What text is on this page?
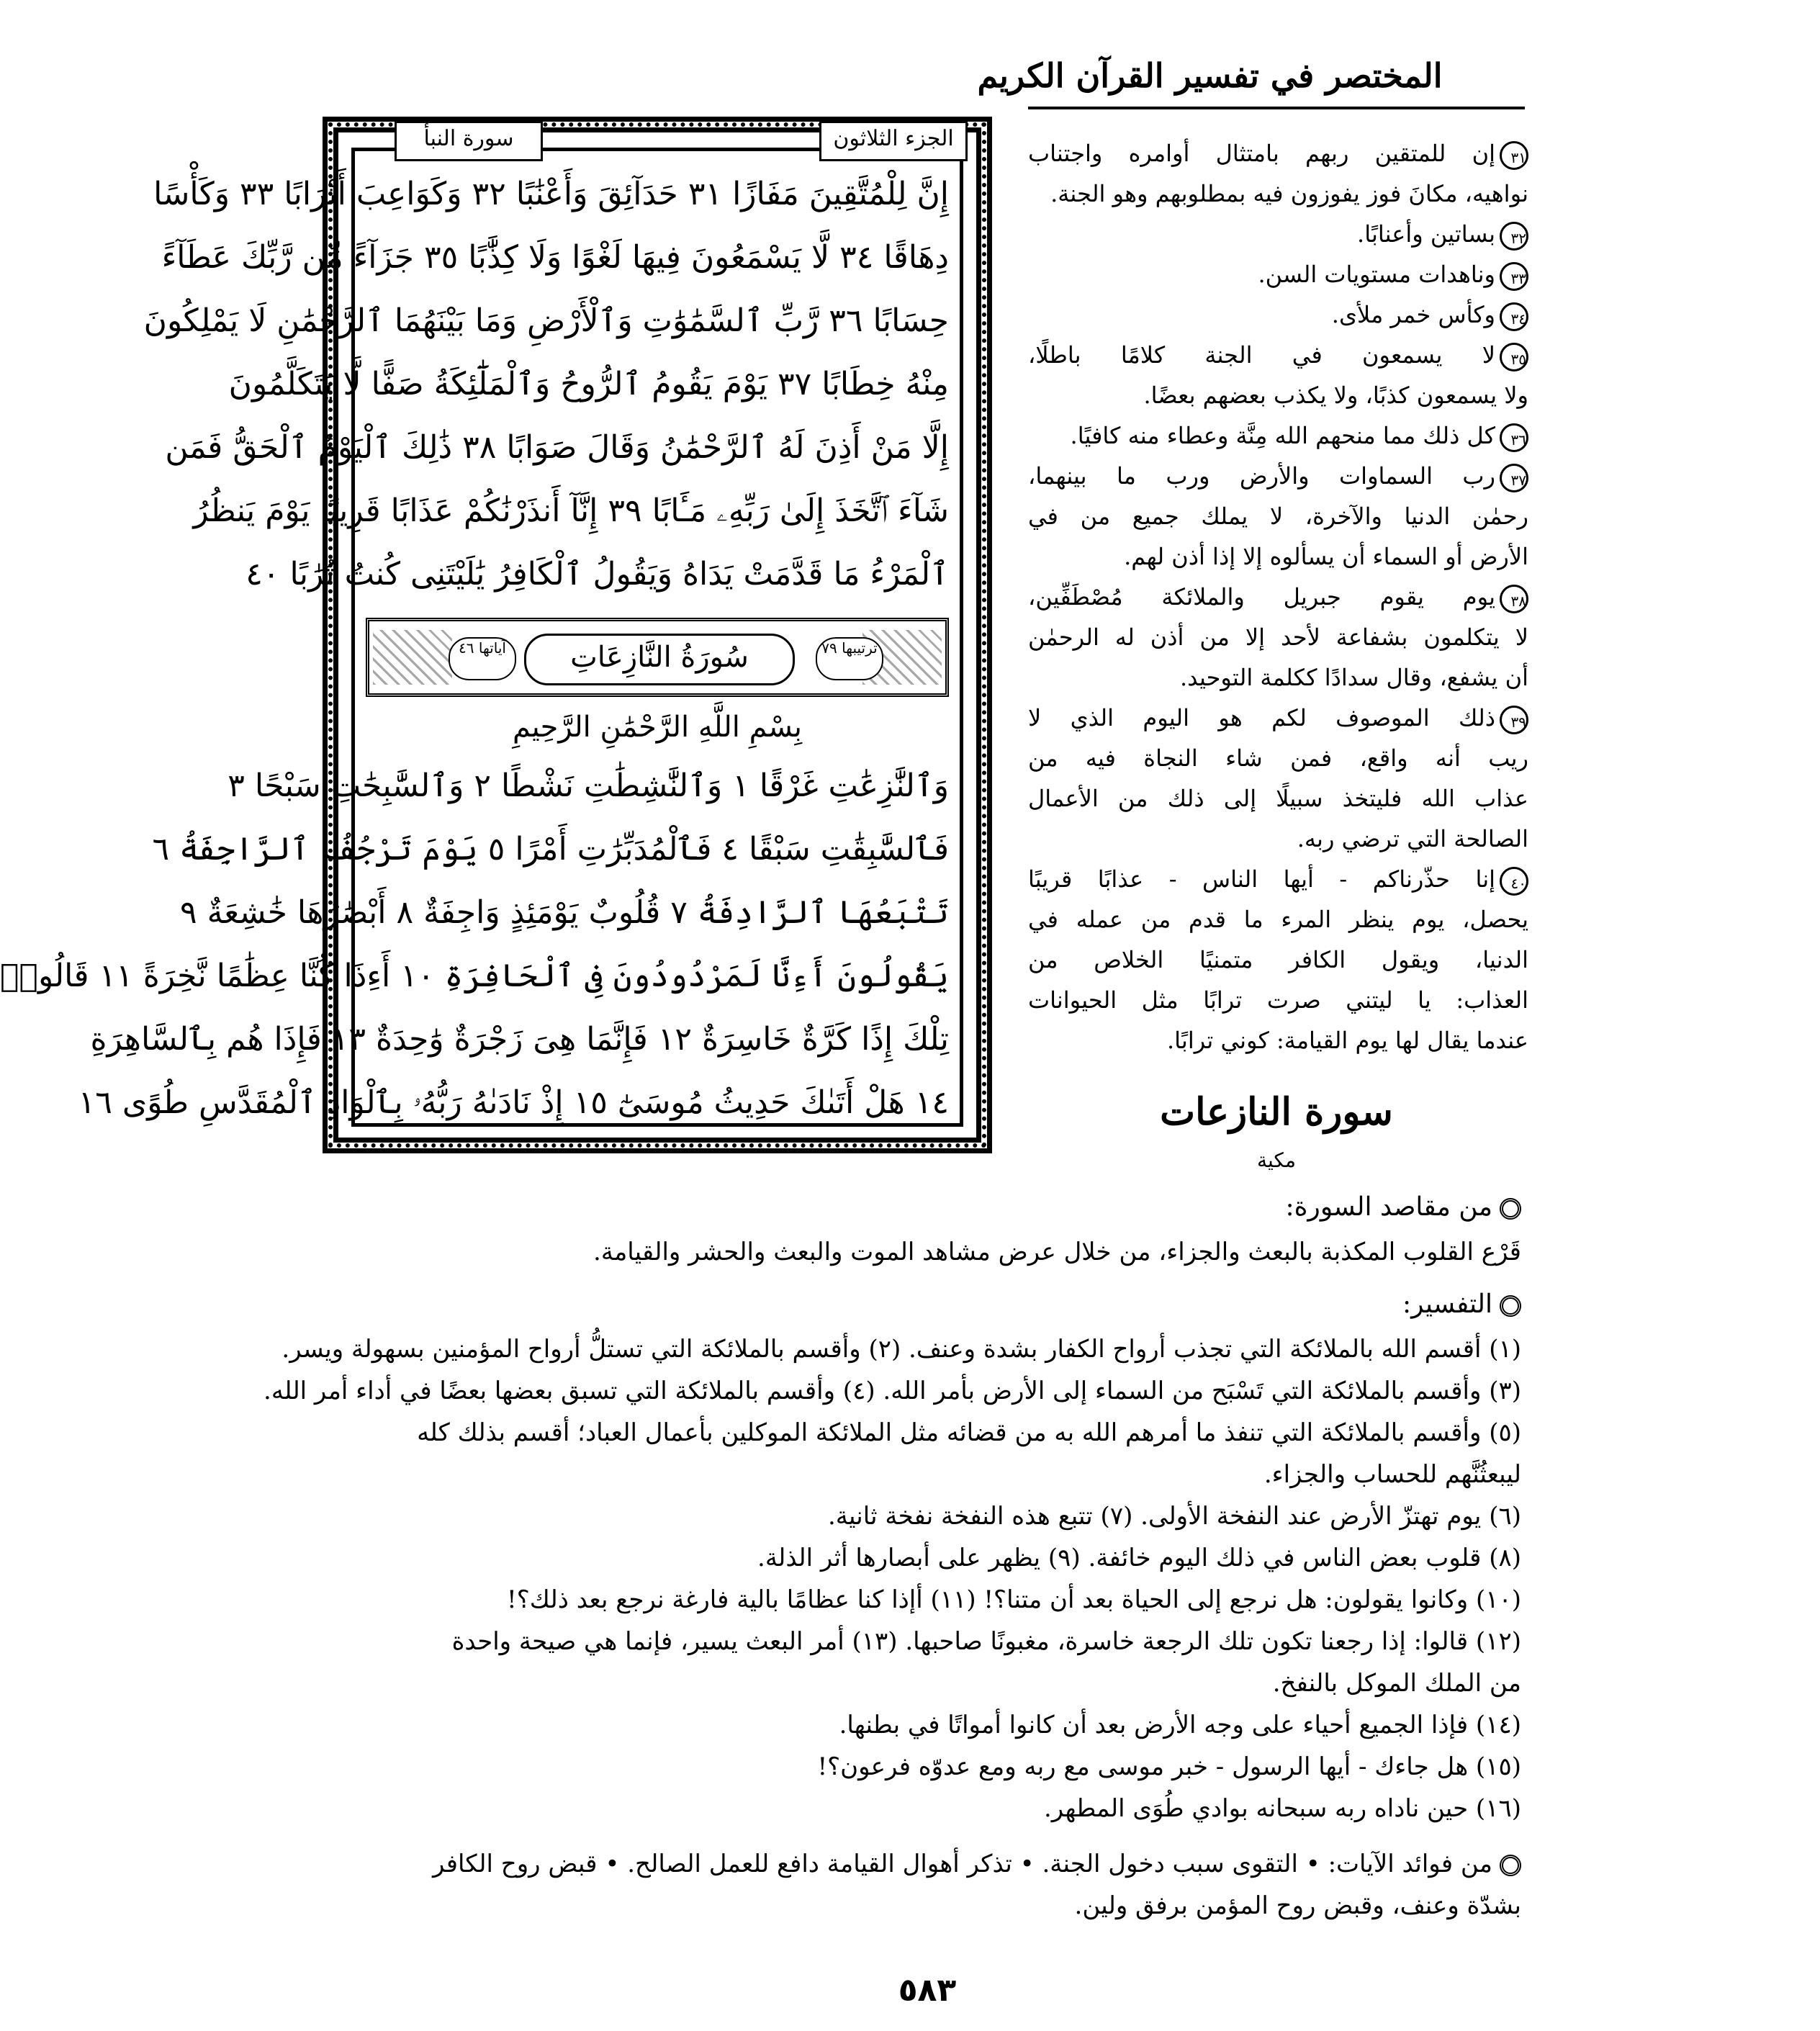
المختصر في تفسير القرآن الكريم
الجزء الثلاثون
سورة النبأ
إِنَّ لِلْمُتَّقِينَ مَفَازًا ٣١ حَدَآئِقَ وَأَعْنَٰبًا ٣٢ وَكَوَاعِبَ أَتْرَابًا ٣٣ وَكَأْسًا
دِهَاقًا ٣٤ لَّا يَسْمَعُونَ فِيهَا لَغْوًا وَلَا كِذَّٰبًا ٣٥ جَزَآءً مِّن رَّبِّكَ عَطَآءً
حِسَابًا ٣٦ رَّبِّ ٱلسَّمَٰوَٰتِ وَٱلْأَرْضِ وَمَا بَيْنَهُمَا ٱلرَّحْمَٰنِ لَا يَمْلِكُونَ
مِنْهُ خِطَابًا ٣٧ يَوْمَ يَقُومُ ٱلرُّوحُ وَٱلْمَلَٰٓئِكَةُ صَفًّا لَّا يَتَكَلَّمُونَ
إِلَّا مَنْ أَذِنَ لَهُ ٱلرَّحْمَٰنُ وَقَالَ صَوَابًا ٣٨ ذَٰلِكَ ٱلْيَوْمُ ٱلْحَقُّ فَمَن
شَآءَ ٱتَّخَذَ إِلَىٰ رَبِّهِۦ مَـَٔابًا ٣٩ إِنَّآ أَنذَرْنَٰكُمْ عَذَابًا قَرِيبًا يَوْمَ يَنظُرُ
ٱلْمَرْءُ مَا قَدَّمَتْ يَدَاهُ وَيَقُولُ ٱلْكَافِرُ يَٰلَيْتَنِى كُنتُ تُرَٰبًا ٤٠
آياتها ٤٦	سُورَةُ النَّازِعَاتِ	ترتيبها ٧٩
بِسْمِ اللَّهِ الرَّحْمَٰنِ الرَّحِيمِ
وَٱلنَّٰزِعَٰتِ غَرْقًا ١ وَٱلنَّٰشِطَٰتِ نَشْطًا ٢ وَٱلسَّٰبِحَٰتِ سَبْحًا ٣
فَٱلسَّٰبِقَٰتِ سَبْقًا ٤ فَٱلْمُدَبِّرَٰتِ أَمْرًا ٥ يَوْمَ تَرْجُفُ ٱلرَّاجِفَةُ ٦
تَتْبَعُهَا ٱلرَّادِفَةُ ٧ قُلُوبٌ يَوْمَئِذٍ وَاجِفَةٌ ٨ أَبْصَٰرُهَا خَٰشِعَةٌ ٩
يَقُولُونَ أَءِنَّا لَمَرْدُودُونَ فِى ٱلْحَافِرَةِ ١٠ أَءِذَا كُنَّا عِظَٰمًا نَّخِرَةً ١١ قَالُوا۟
تِلْكَ إِذًا كَرَّةٌ خَاسِرَةٌ ١٢ فَإِنَّمَا هِىَ زَجْرَةٌ وَٰحِدَةٌ ١٣ فَإِذَا هُم بِٱلسَّاهِرَةِ
١٤ هَلْ أَتَىٰكَ حَدِيثُ مُوسَىٰٓ ١٥ إِذْ نَادَىٰهُ رَبُّهُۥ بِٱلْوَادِ ٱلْمُقَدَّسِ طُوًى ١٦
٣١إن للمتقين ربهم بامتثال أوامره واجتناب
نواهيه، مكانَ فوز يفوزون فيه بمطلوبهم وهو الجنة.
٣٢بساتين وأعنابًا.
٣٣وناهدات مستويات السن.
٣٤وكأس خمر ملأى.
٣٥لا يسمعون في الجنة كلامًا باطلًا،
ولا يسمعون كذبًا، ولا يكذب بعضهم بعضًا.
٣٦كل ذلك مما منحهم الله مِنَّة وعطاء منه كافيًا.
٣٧رب السماوات والأرض ورب ما بينهما،
رحمٰن الدنيا والآخرة، لا يملك جميع من في
الأرض أو السماء أن يسألوه إلا إذا أذن لهم.
٣٨يوم يقوم جبريل والملائكة مُصْطَفِّين،
لا يتكلمون بشفاعة لأحد إلا من أذن له الرحمٰن
أن يشفع، وقال سدادًا ككلمة التوحيد.
٣٩ذلك الموصوف لكم هو اليوم الذي لا
ريب أنه واقع، فمن شاء النجاة فيه من
عذاب الله فليتخذ سبيلًا إلى ذلك من الأعمال
الصالحة التي ترضي ربه.
٤٠إنا حذّرناكم - أيها الناس - عذابًا قريبًا
يحصل، يوم ينظر المرء ما قدم من عمله في
الدنيا، ويقول الكافر متمنيًا الخلاص من
العذاب: يا ليتني صرت ترابًا مثل الحيوانات
عندما يقال لها يوم القيامة: كوني ترابًا.
سورة النازعات
مكية
من مقاصد السورة:
قَرْع القلوب المكذبة بالبعث والجزاء، من خلال عرض مشاهد الموت والبعث والحشر والقيامة.
التفسير:
(١) أقسم الله بالملائكة التي تجذب أرواح الكفار بشدة وعنف. (٢) وأقسم بالملائكة التي تستلُّ أرواح المؤمنين بسهولة ويسر.
(٣) وأقسم بالملائكة التي تَسْبَح من السماء إلى الأرض بأمر الله. (٤) وأقسم بالملائكة التي تسبق بعضها بعضًا في أداء أمر الله.
(٥) وأقسم بالملائكة التي تنفذ ما أمرهم الله به من قضائه مثل الملائكة الموكلين بأعمال العباد؛ أقسم بذلك كله
ليبعثُنَّهم للحساب والجزاء.
(٦) يوم تهتزّ الأرض عند النفخة الأولى. (٧) تتبع هذه النفخة نفخة ثانية.
(٨) قلوب بعض الناس في ذلك اليوم خائفة. (٩) يظهر على أبصارها أثر الذلة.
(١٠) وكانوا يقولون: هل نرجع إلى الحياة بعد أن متنا؟! (١١) أإذا كنا عظامًا بالية فارغة نرجع بعد ذلك؟!
(١٢) قالوا: إذا رجعنا تكون تلك الرجعة خاسرة، مغبونًا صاحبها. (١٣) أمر البعث يسير، فإنما هي صيحة واحدة
من الملك الموكل بالنفخ.
(١٤) فإذا الجميع أحياء على وجه الأرض بعد أن كانوا أمواتًا في بطنها.
(١٥) هل جاءك - أيها الرسول - خبر موسى مع ربه ومع عدوّه فرعون؟!
(١٦) حين ناداه ربه سبحانه بوادي طُوَى المطهر.
من فوائد الآيات: • التقوى سبب دخول الجنة. • تذكر أهوال القيامة دافع للعمل الصالح. • قبض روح الكافر
بشدّة وعنف، وقبض روح المؤمن برفق ولين.
٥٨٣
